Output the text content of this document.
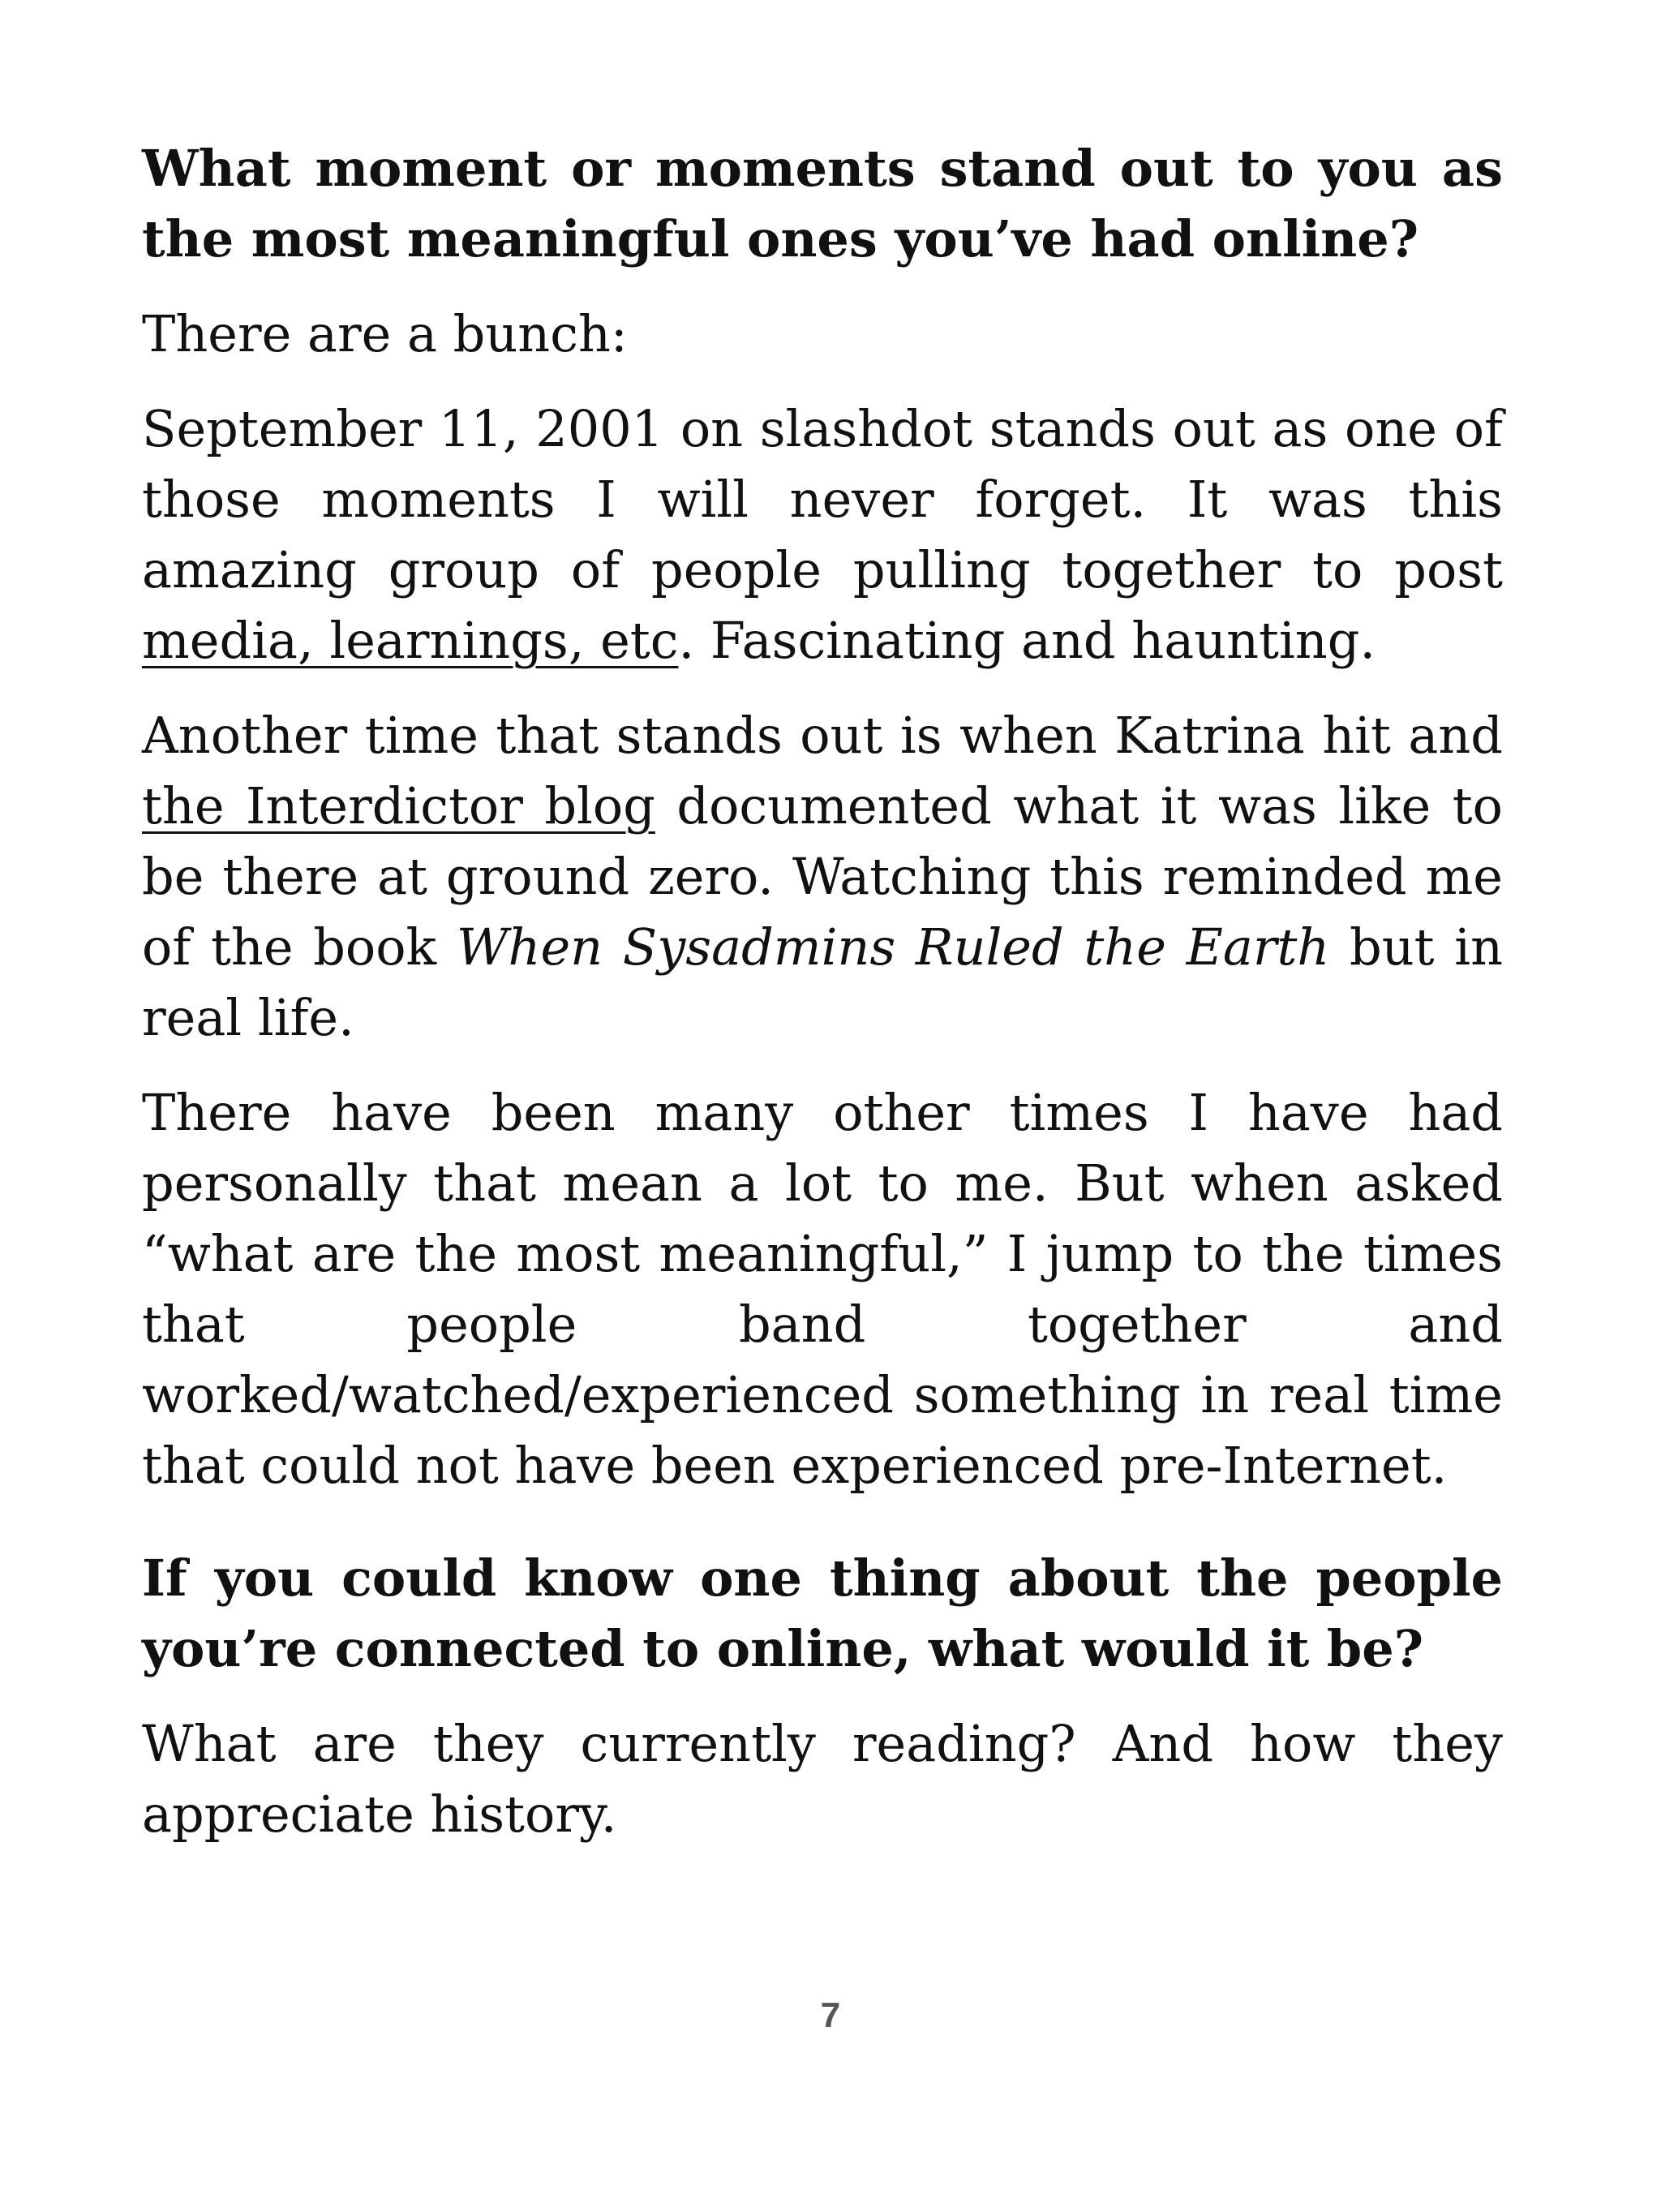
What moment or moments stand out to you as the most meaningful ones you’ve had online?

There are a bunch:

September 11, 2001 on slashdot stands out as one of those moments I will never forget. It was this amazing group of people pulling together to post media, learnings, etc. Fascinating and haunting.

Another time that stands out is when Katrina hit and the Interdictor blog documented what it was like to be there at ground zero. Watching this reminded me of the book When Sysadmins Ruled the Earth but in real life.

There have been many other times I have had personally that mean a lot to me. But when asked “what are the most meaningful,” I jump to the times that people band together and worked/watched/experienced something in real time that could not have been experienced pre-Internet.

If you could know one thing about the people you’re connected to online, what would it be?

What are they currently reading? And how they appreciate history.

7
